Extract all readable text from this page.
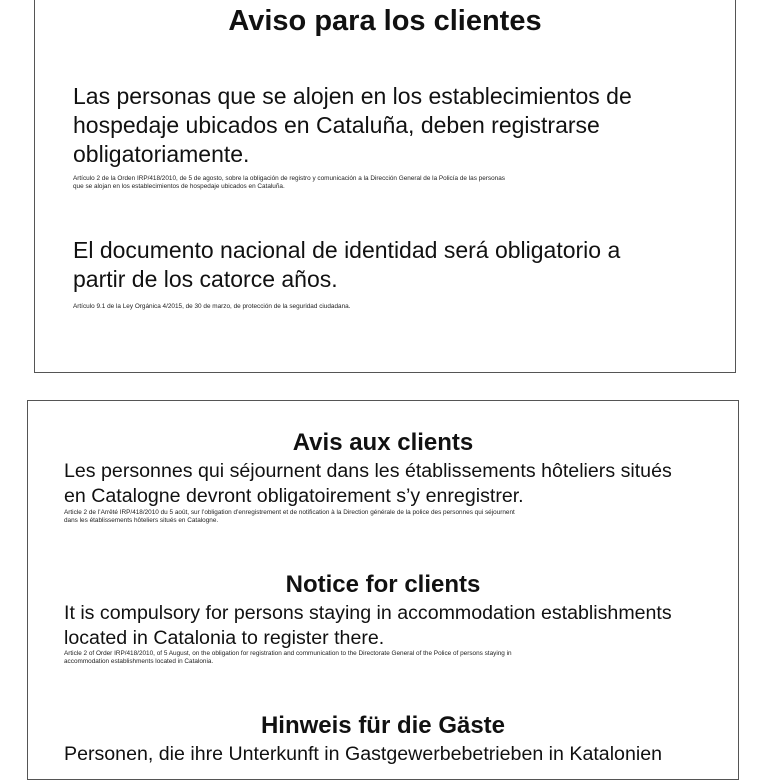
Aviso para los clientes
Las personas que se alojen en los establecimientos de
hospedaje ubicados en Cataluña, deben registrarse
obligatoriamente.
Artículo 2 de la Orden IRP/418/2010, de 5 de agosto, sobre la obligación de registro y comunicación a la Dirección General de la Policía de las personas
que se alojan en los establecimientos de hospedaje ubicados en Cataluña.
El documento nacional de identidad será obligatorio a
partir de los catorce años.
Artículo 9.1 de la Ley Orgánica 4/2015, de 30 de marzo, de protección de la seguridad ciudadana.
Avis aux clients
Les personnes qui séjournent dans les établissements hôteliers situés
en Catalogne devront obligatoirement s’y enregistrer.
Article 2 de l’Arrêté IRP/418/2010 du 5 août, sur l’obligation d’enregistrement et de notification à la Direction générale de la police des personnes qui séjournent
dans les établissements hôteliers situés en Catalogne.
Notice for clients
It is compulsory for persons staying in accommodation establishments
located in Catalonia to register there.
Article 2 of Order IRP/418/2010, of 5 August, on the obligation for registration and communication to the Directorate General of the Police of persons staying in
accommodation establishments located in Catalonia.
Hinweis für die Gäste
Personen, die ihre Unterkunft in Gastgewerbebetrieben in Katalonien
